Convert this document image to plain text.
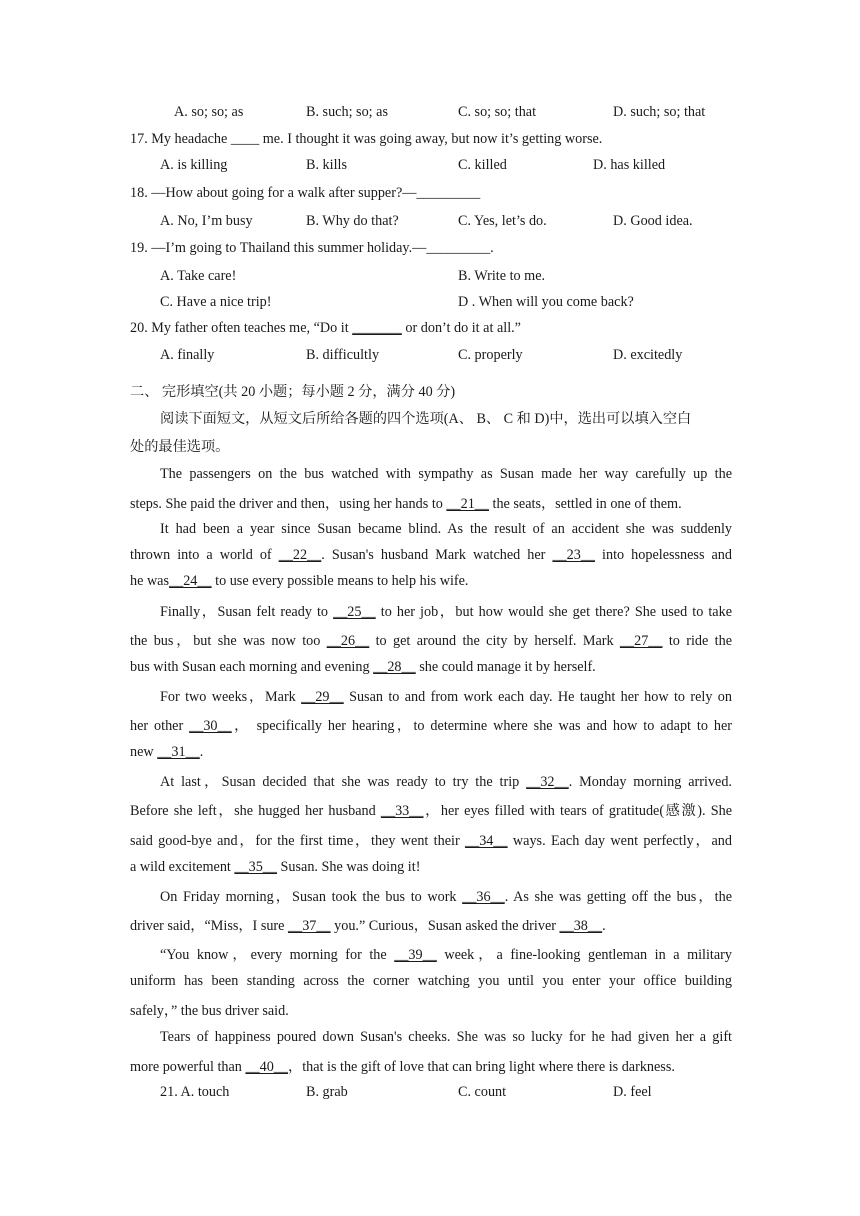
A. so; so; as	B. such; so; as	C. so; so; that	D. such; so; that
17. My headache ____ me. I thought it was going away, but now it’s getting worse.
A. is killing	B. kills	C. killed	D. has killed
18. —How about going for a walk after supper?—_________
A. No, I’m busy	B. Why do that?	C. Yes, let’s do.	D. Good idea.
19. —I’m going to Thailand this summer holiday.—_________.
A. Take care!	B. Write to me.
C. Have a nice trip!	D . When will you come back?
20. My father often teaches me, “Do it _______ or don’t do it at all.”
A. finally	B. difficultly	C. properly	D. excitedly
二、 完形填空(共 20 小题；每小题 2 分，满分 40 分)
阅读下面短文，从短文后所给各题的四个选项(A、 B、 C 和 D)中，选出可以填入空白
处的最佳选项。
The passengers on the bus watched with sympathy as Susan made her way carefully up the
steps. She paid the driver and then，using her hands to __21__ the seats，settled in one of them.
It had been a year since Susan became blind. As the result of an accident she was suddenly
thrown into a world of __22__. Susan's husband Mark watched her __23__ into hopelessness and
he was__24__ to use every possible means to help his wife.
Finally，Susan felt ready to __25__ to her job，but how would she get there? She used to take
the bus，but she was now too __26__ to get around the city by herself. Mark __27__ to ride the
bus with Susan each morning and evening __28__ she could manage it by herself.
For two weeks，Mark __29__ Susan to and from work each day. He taught her how to rely on
her other __30__， specifically her hearing，to determine where she was and how to adapt to her
new __31__.
At last，Susan decided that she was ready to try the trip __32__. Monday morning arrived.
Before she left，she hugged her husband __33__，her eyes filled with tears of gratitude(感激). She
said good-bye and，for the first time，they went their __34__ ways. Each day went perfectly，and
a wild excitement __35__ Susan. She was doing it!
On Friday morning，Susan took the bus to work __36__. As she was getting off the bus，the
driver said，“Miss，I sure __37__ you.” Curious，Susan asked the driver __38__.
“You know，every morning for the __39__ week，a fine-looking gentleman in a military
uniform has been standing across the corner watching you until you enter your office building
safely，” the bus driver said.
Tears of happiness poured down Susan's cheeks. She was so lucky for he had given her a gift
more powerful than __40__，that is the gift of love that can bring light where there is darkness.
21. A. touch	B. grab	C. count	D. feel
